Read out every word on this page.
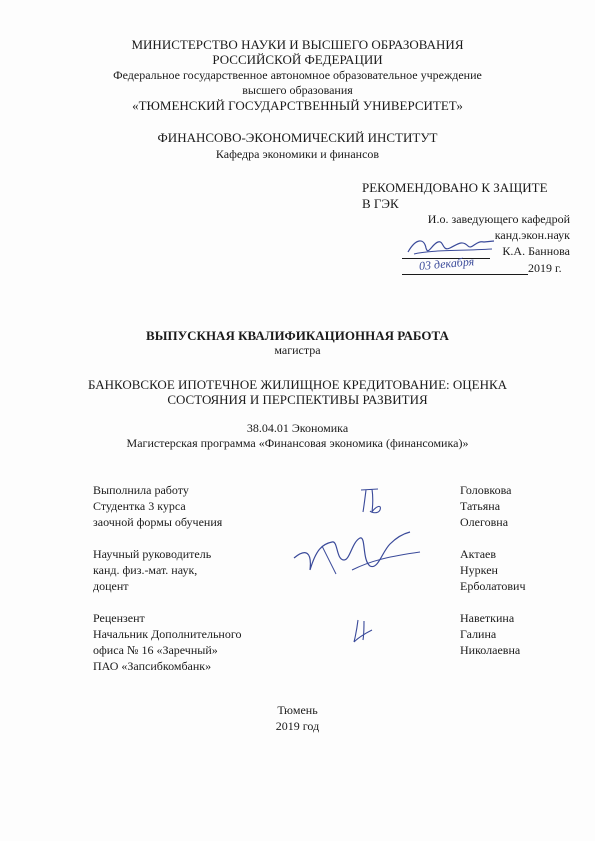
МИНИСТЕРСТВО НАУКИ И ВЫСШЕГО ОБРАЗОВАНИЯ
РОССИЙСКОЙ ФЕДЕРАЦИИ
Федеральное государственное автономное образовательное учреждение
высшего образования
«ТЮМЕНСКИЙ ГОСУДАРСТВЕННЫЙ УНИВЕРСИТЕТ»
ФИНАНСОВО-ЭКОНОМИЧЕСКИЙ ИНСТИТУТ
Кафедра экономики и финансов
РЕКОМЕНДОВАНО К ЗАЩИТЕ
В ГЭК
И.о. заведующего кафедрой
канд.экон.наук
К.А. Баннова
03 декабря	2019 г.
ВЫПУСКНАЯ КВАЛИФИКАЦИОННАЯ РАБОТА
магистра
БАНКОВСКОЕ ИПОТЕЧНОЕ ЖИЛИЩНОЕ КРЕДИТОВАНИЕ: ОЦЕНКА
СОСТОЯНИЯ И ПЕРСПЕКТИВЫ РАЗВИТИЯ
38.04.01 Экономика
Магистерская программа «Финансовая экономика (финансомика)»
Выполнила работу
Студентка 3 курса
заочной формы обучения
Головкова
Татьяна
Олеговна
Научный руководитель
канд. физ.-мат. наук,
доцент
Актаев
Нуркен
Ерболатович
Рецензент
Начальник Дополнительного
офиса № 16 «Заречный»
ПАО «Запсибкомбанк»
Наветкина
Галина
Николаевна
Тюмень
2019 год
